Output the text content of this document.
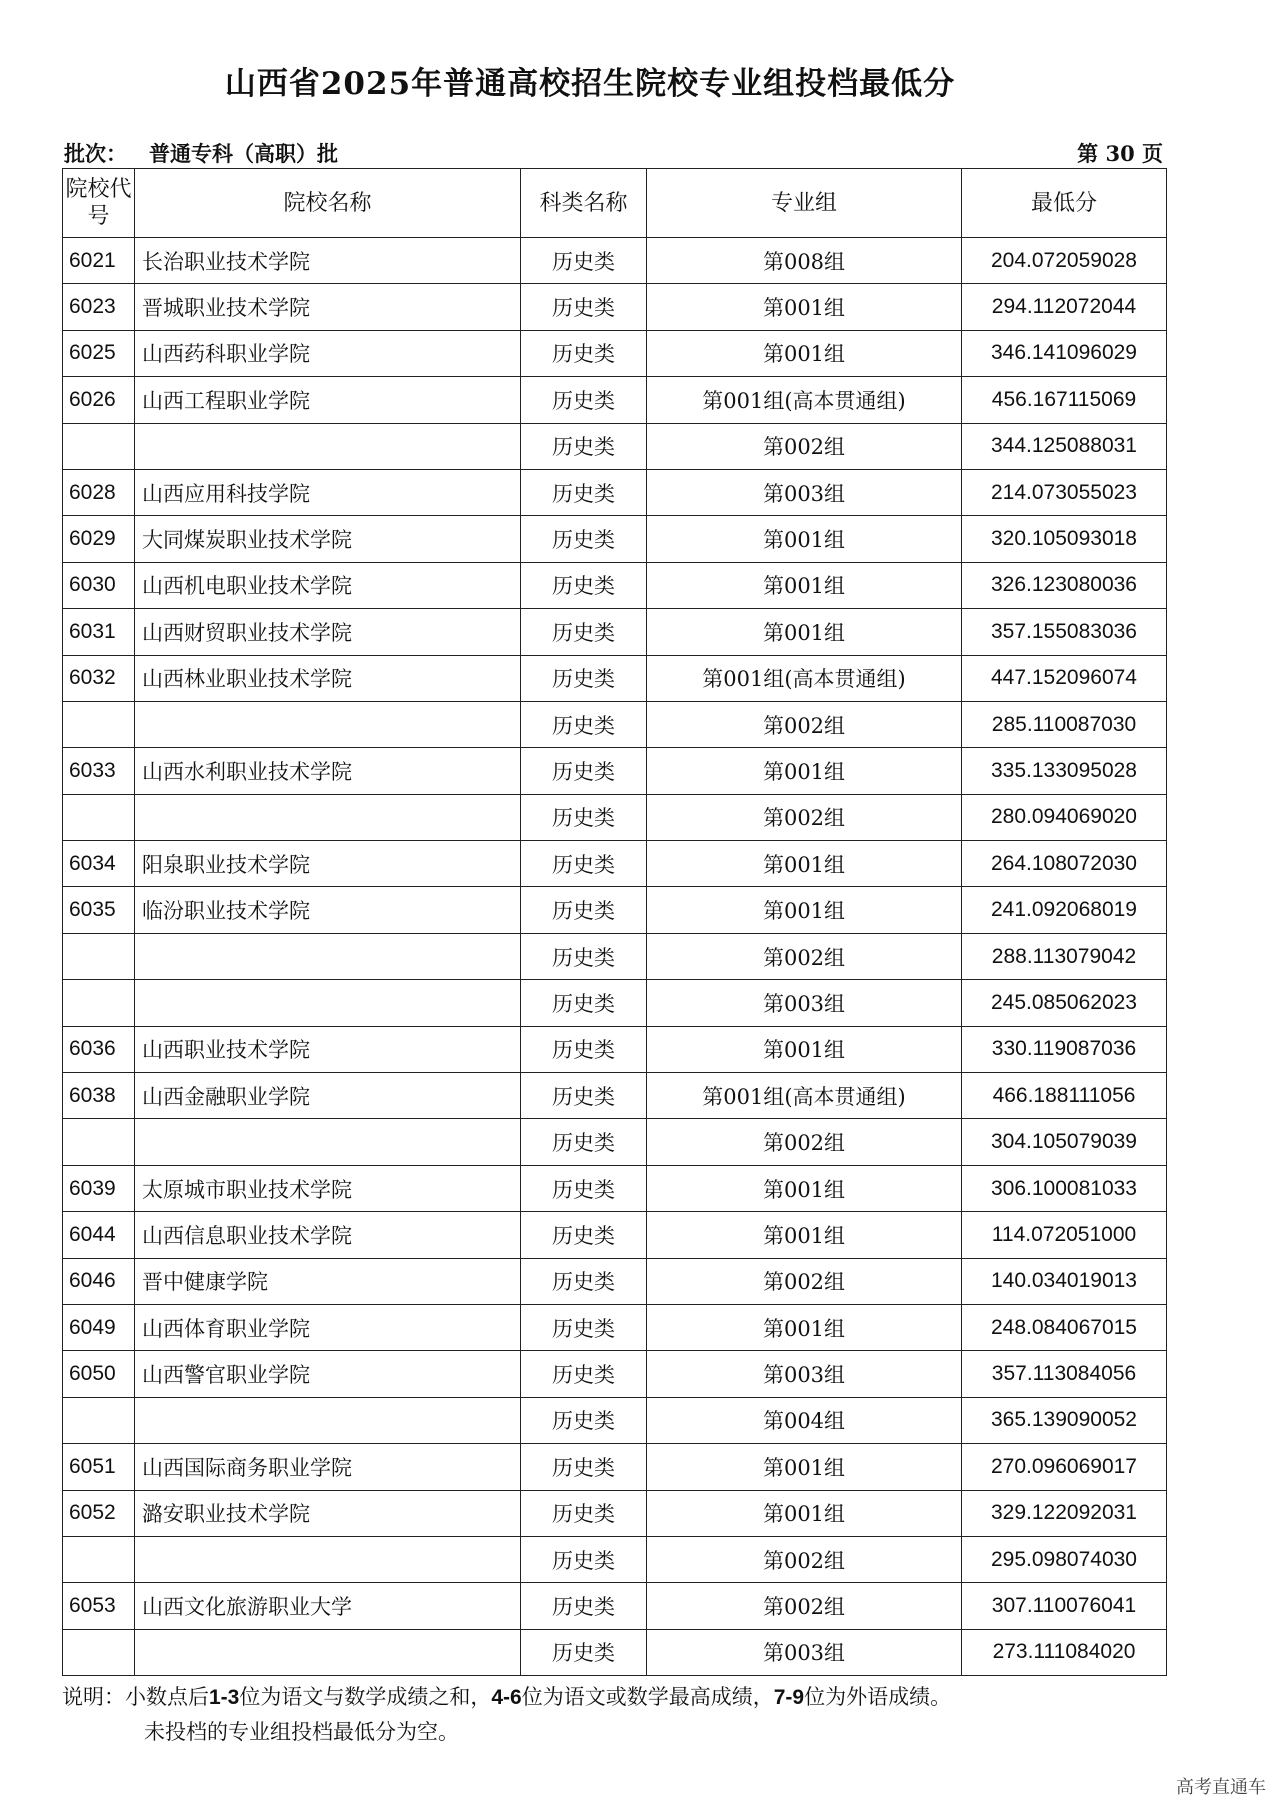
山西省2025年普通高校招生院校专业组投档最低分
批次： 普通专科（高职）批	第 30 页
院校代号	院校名称	科类名称	专业组	最低分
6021	长治职业技术学院	历史类	第008组	204.072059028
6023	晋城职业技术学院	历史类	第001组	294.112072044
6025	山西药科职业学院	历史类	第001组	346.141096029
6026	山西工程职业学院	历史类	第001组(高本贯通组)	456.167115069
		历史类	第002组	344.125088031
6028	山西应用科技学院	历史类	第003组	214.073055023
6029	大同煤炭职业技术学院	历史类	第001组	320.105093018
6030	山西机电职业技术学院	历史类	第001组	326.123080036
6031	山西财贸职业技术学院	历史类	第001组	357.155083036
6032	山西林业职业技术学院	历史类	第001组(高本贯通组)	447.152096074
		历史类	第002组	285.110087030
6033	山西水利职业技术学院	历史类	第001组	335.133095028
		历史类	第002组	280.094069020
6034	阳泉职业技术学院	历史类	第001组	264.108072030
6035	临汾职业技术学院	历史类	第001组	241.092068019
		历史类	第002组	288.113079042
		历史类	第003组	245.085062023
6036	山西职业技术学院	历史类	第001组	330.119087036
6038	山西金融职业学院	历史类	第001组(高本贯通组)	466.188111056
		历史类	第002组	304.105079039
6039	太原城市职业技术学院	历史类	第001组	306.100081033
6044	山西信息职业技术学院	历史类	第001组	114.072051000
6046	晋中健康学院	历史类	第002组	140.034019013
6049	山西体育职业学院	历史类	第001组	248.084067015
6050	山西警官职业学院	历史类	第003组	357.113084056
		历史类	第004组	365.139090052
6051	山西国际商务职业学院	历史类	第001组	270.096069017
6052	潞安职业技术学院	历史类	第001组	329.122092031
		历史类	第002组	295.098074030
6053	山西文化旅游职业大学	历史类	第002组	307.110076041
		历史类	第003组	273.111084020
说明：小数点后1-3位为语文与数学成绩之和，4-6位为语文或数学最高成绩，7-9位为外语成绩。
未投档的专业组投档最低分为空。
高考直通车
